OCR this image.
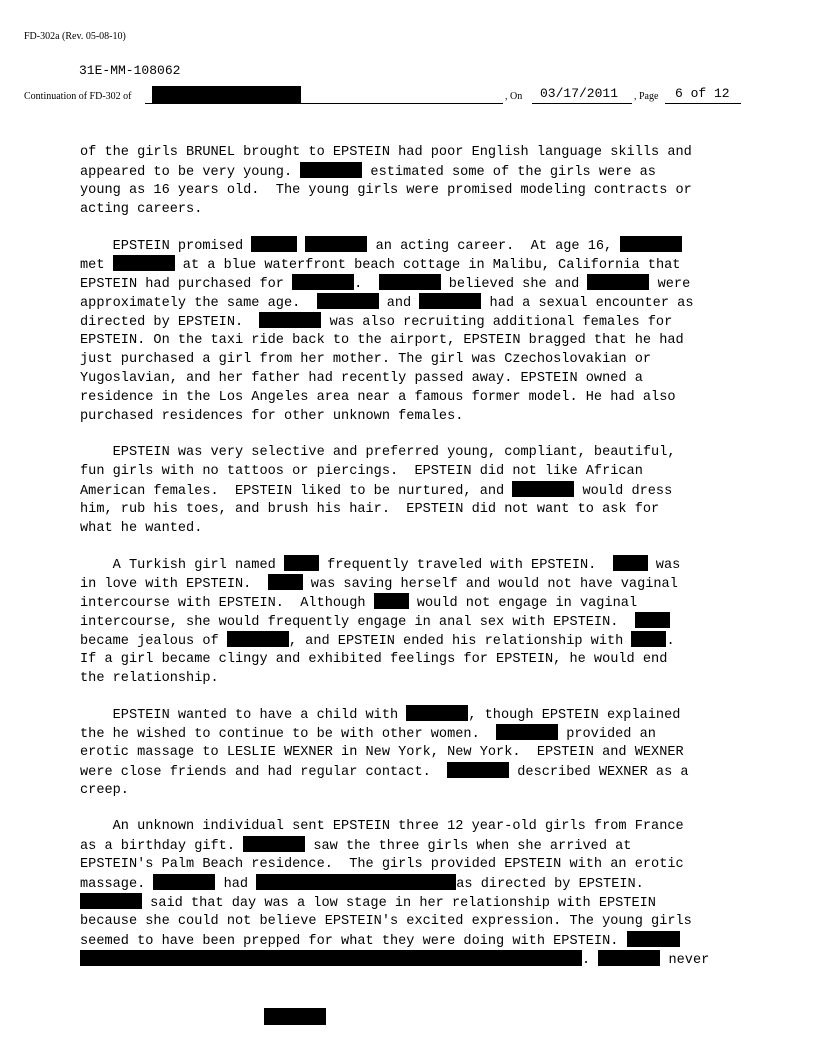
FD-302a (Rev. 05-08-10)
31E-MM-108062
Continuation of FD-302 of	, On 03/17/2011 , Page 6 of 12
of the girls BRUNEL brought to EPSTEIN had poor English language skills and
appeared to be very young.	estimated some of the girls were as
young as 16 years old.  The young girls were promised modeling contracts or
acting careers.
EPSTEIN promised	an acting career.  At age 16,
met	at a blue waterfront beach cottage in Malibu, California that
EPSTEIN had purchased for	.	believed she and	were
approximately the same age.	and	had a sexual encounter as
directed by EPSTEIN.	was also recruiting additional females for
EPSTEIN. On the taxi ride back to the airport, EPSTEIN bragged that he had
just purchased a girl from her mother. The girl was Czechoslovakian or
Yugoslavian, and her father had recently passed away. EPSTEIN owned a
residence in the Los Angeles area near a famous former model. He had also
purchased residences for other unknown females.
EPSTEIN was very selective and preferred young, compliant, beautiful,
fun girls with no tattoos or piercings.  EPSTEIN did not like African
American females.  EPSTEIN liked to be nurtured, and	would dress
him, rub his toes, and brush his hair.  EPSTEIN did not want to ask for
what he wanted.
A Turkish girl named	frequently traveled with EPSTEIN.	was
in love with EPSTEIN.	was saving herself and would not have vaginal
intercourse with EPSTEIN.  Although	would not engage in vaginal
intercourse, she would frequently engage in anal sex with EPSTEIN.
became jealous of	, and EPSTEIN ended his relationship with	.
If a girl became clingy and exhibited feelings for EPSTEIN, he would end
the relationship.
EPSTEIN wanted to have a child with	, though EPSTEIN explained
the he wished to continue to be with other women.	provided an
erotic massage to LESLIE WEXNER in New York, New York.  EPSTEIN and WEXNER
were close friends and had regular contact.	described WEXNER as a
creep.
An unknown individual sent EPSTEIN three 12 year-old girls from France
as a birthday gift.	saw the three girls when she arrived at
EPSTEIN's Palm Beach residence.  The girls provided EPSTEIN with an erotic
massage.	had	as directed by EPSTEIN.
said that day was a low stage in her relationship with EPSTEIN
because she could not believe EPSTEIN's excited expression. The young girls
seemed to have been prepped for what they were doing with EPSTEIN.
.	never
